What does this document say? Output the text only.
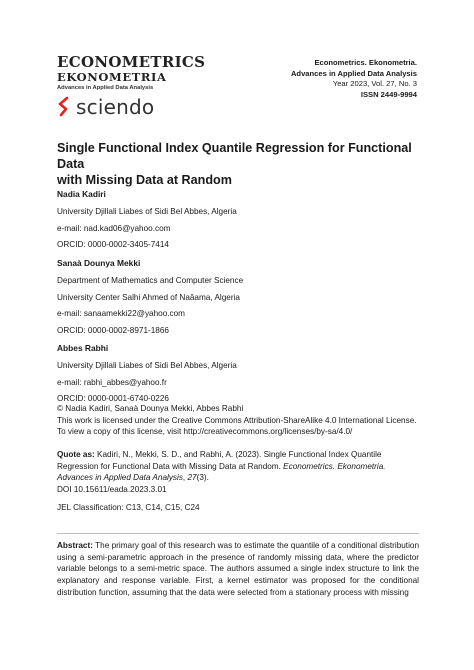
ECONOMETRICS
EKONOMETRIA
Advances in Applied Data Analysis
sciendo
Econometrics. Ekonometria.
Advances in Applied Data Analysis
Year 2023, Vol. 27, No. 3
ISSN 2449-9994
Single Functional Index Quantile Regression for Functional Data
with Missing Data at Random
Nadia Kadiri
University Djillali Liabes of Sidi Bel Abbes, Algeria
e-mail: nad.kad06@yahoo.com
ORCID: 0000-0002-3405-7414
Sanaà Dounya Mekki
Department of Mathematics and Computer Science
University Center Salhi Ahmed of Naâama, Algeria
e-mail: sanaamekki22@yahoo.com
ORCID: 0000-0002-8971-1866
Abbes Rabhi
University Djillali Liabes of Sidi Bel Abbes, Algeria
e-mail: rabhi_abbes@yahoo.fr
ORCID: 0000-0001-6740-0226
© Nadia Kadiri, Sanaà Dounya Mekki, Abbes Rabhi
This work is licensed under the Creative Commons Attribution-ShareAlike 4.0 International License.
To view a copy of this license, visit http://creativecommons.org/licenses/by-sa/4.0/
Quote as: Kadiri, N., Mekki, S. D., and Rabhi, A. (2023). Single Functional Index Quantile Regression for Functional Data with Missing Data at Random. Econometrics. Ekonometria. Advances in Applied Data Analysis, 27(3).
DOI 10.15611/eada.2023.3.01
JEL Classification: C13, C14, C15, C24
Abstract: The primary goal of this research was to estimate the quantile of a conditional distribution using a semi-parametric approach in the presence of randomly missing data, where the predictor variable belongs to a semi-metric space. The authors assumed a single index structure to link the explanatory and response variable. First, a kernel estimator was proposed for the conditional distribution function, assuming that the data were selected from a stationary process with missing
